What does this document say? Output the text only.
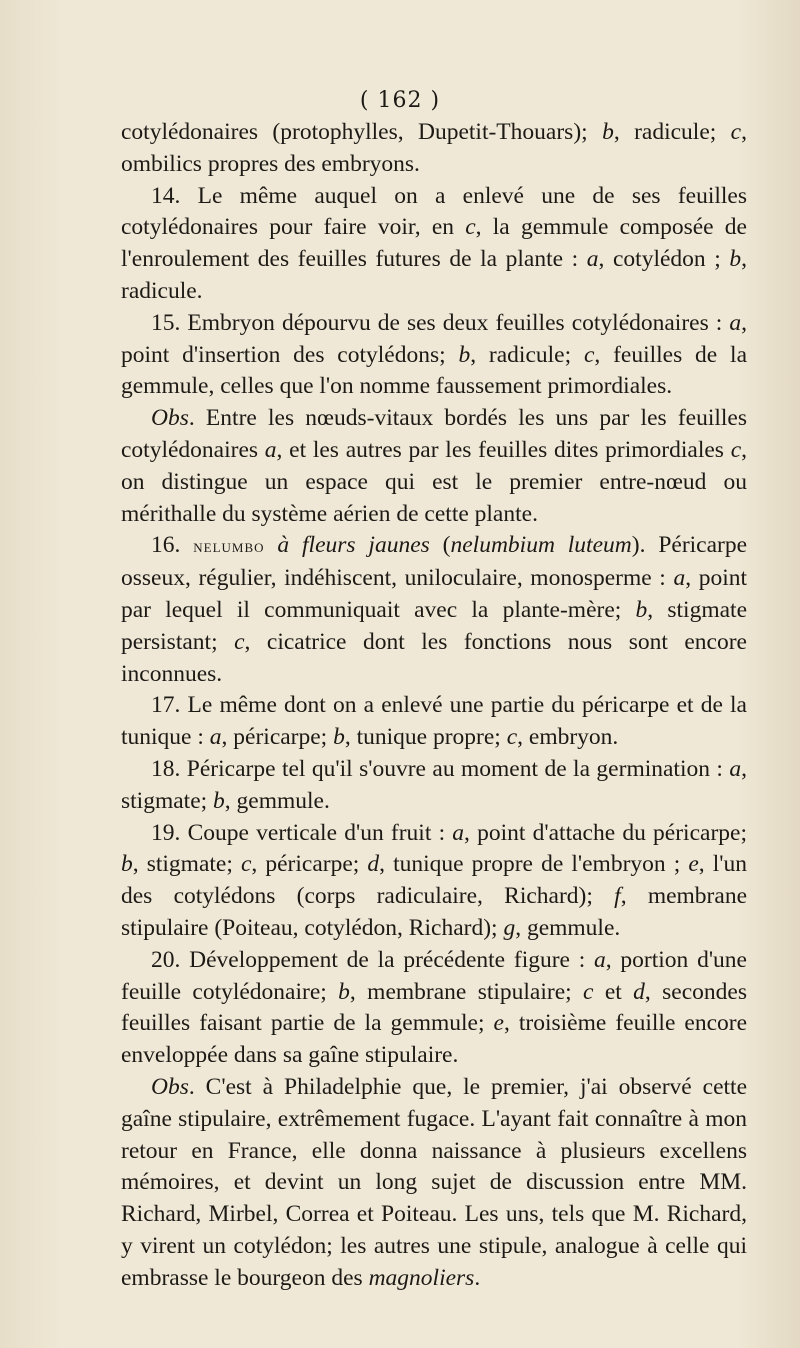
( 162 )

cotylédonaires (protophylles, Dupetit-Thouars); b, radicule; c, ombilics propres des embryons.

14. Le même auquel on a enlevé une de ses feuilles cotylédonaires pour faire voir, en c, la gemmule composée de l'enroulement des feuilles futures de la plante : a, cotylédon ; b, radicule.

15. Embryon dépourvu de ses deux feuilles cotylédonaires : a, point d'insertion des cotylédons; b, radicule; c, feuilles de la gemmule, celles que l'on nomme faussement primordiales.

Obs. Entre les nœuds-vitaux bordés les uns par les feuilles cotylédonaires a, et les autres par les feuilles dites primordiales c, on distingue un espace qui est le premier entre-nœud ou mérithalle du système aérien de cette plante.

16. nelumbo à fleurs jaunes (nelumbium luteum). Péricarpe osseux, régulier, indéhiscent, uniloculaire, monosperme : a, point par lequel il communiquait avec la plante-mère; b, stigmate persistant; c, cicatrice dont les fonctions nous sont encore inconnues.

17. Le même dont on a enlevé une partie du péricarpe et de la tunique : a, péricarpe; b, tunique propre; c, embryon.

18. Péricarpe tel qu'il s'ouvre au moment de la germination : a, stigmate; b, gemmule.

19. Coupe verticale d'un fruit : a, point d'attache du péricarpe; b, stigmate; c, péricarpe; d, tunique propre de l'embryon ; e, l'un des cotylédons (corps radiculaire, Richard); f, membrane stipulaire (Poiteau, cotylédon, Richard); g, gemmule.

20. Développement de la précédente figure : a, portion d'une feuille cotylédonaire; b, membrane stipulaire; c et d, secondes feuilles faisant partie de la gemmule; e, troisième feuille encore enveloppée dans sa gaîne stipulaire.

Obs. C'est à Philadelphie que, le premier, j'ai observé cette gaîne stipulaire, extrêmement fugace. L'ayant fait connaître à mon retour en France, elle donna naissance à plusieurs excellens mémoires, et devint un long sujet de discussion entre MM. Richard, Mirbel, Correa et Poiteau. Les uns, tels que M. Richard, y virent un cotylédon; les autres une stipule, analogue à celle qui embrasse le bourgeon des magnoliers.
